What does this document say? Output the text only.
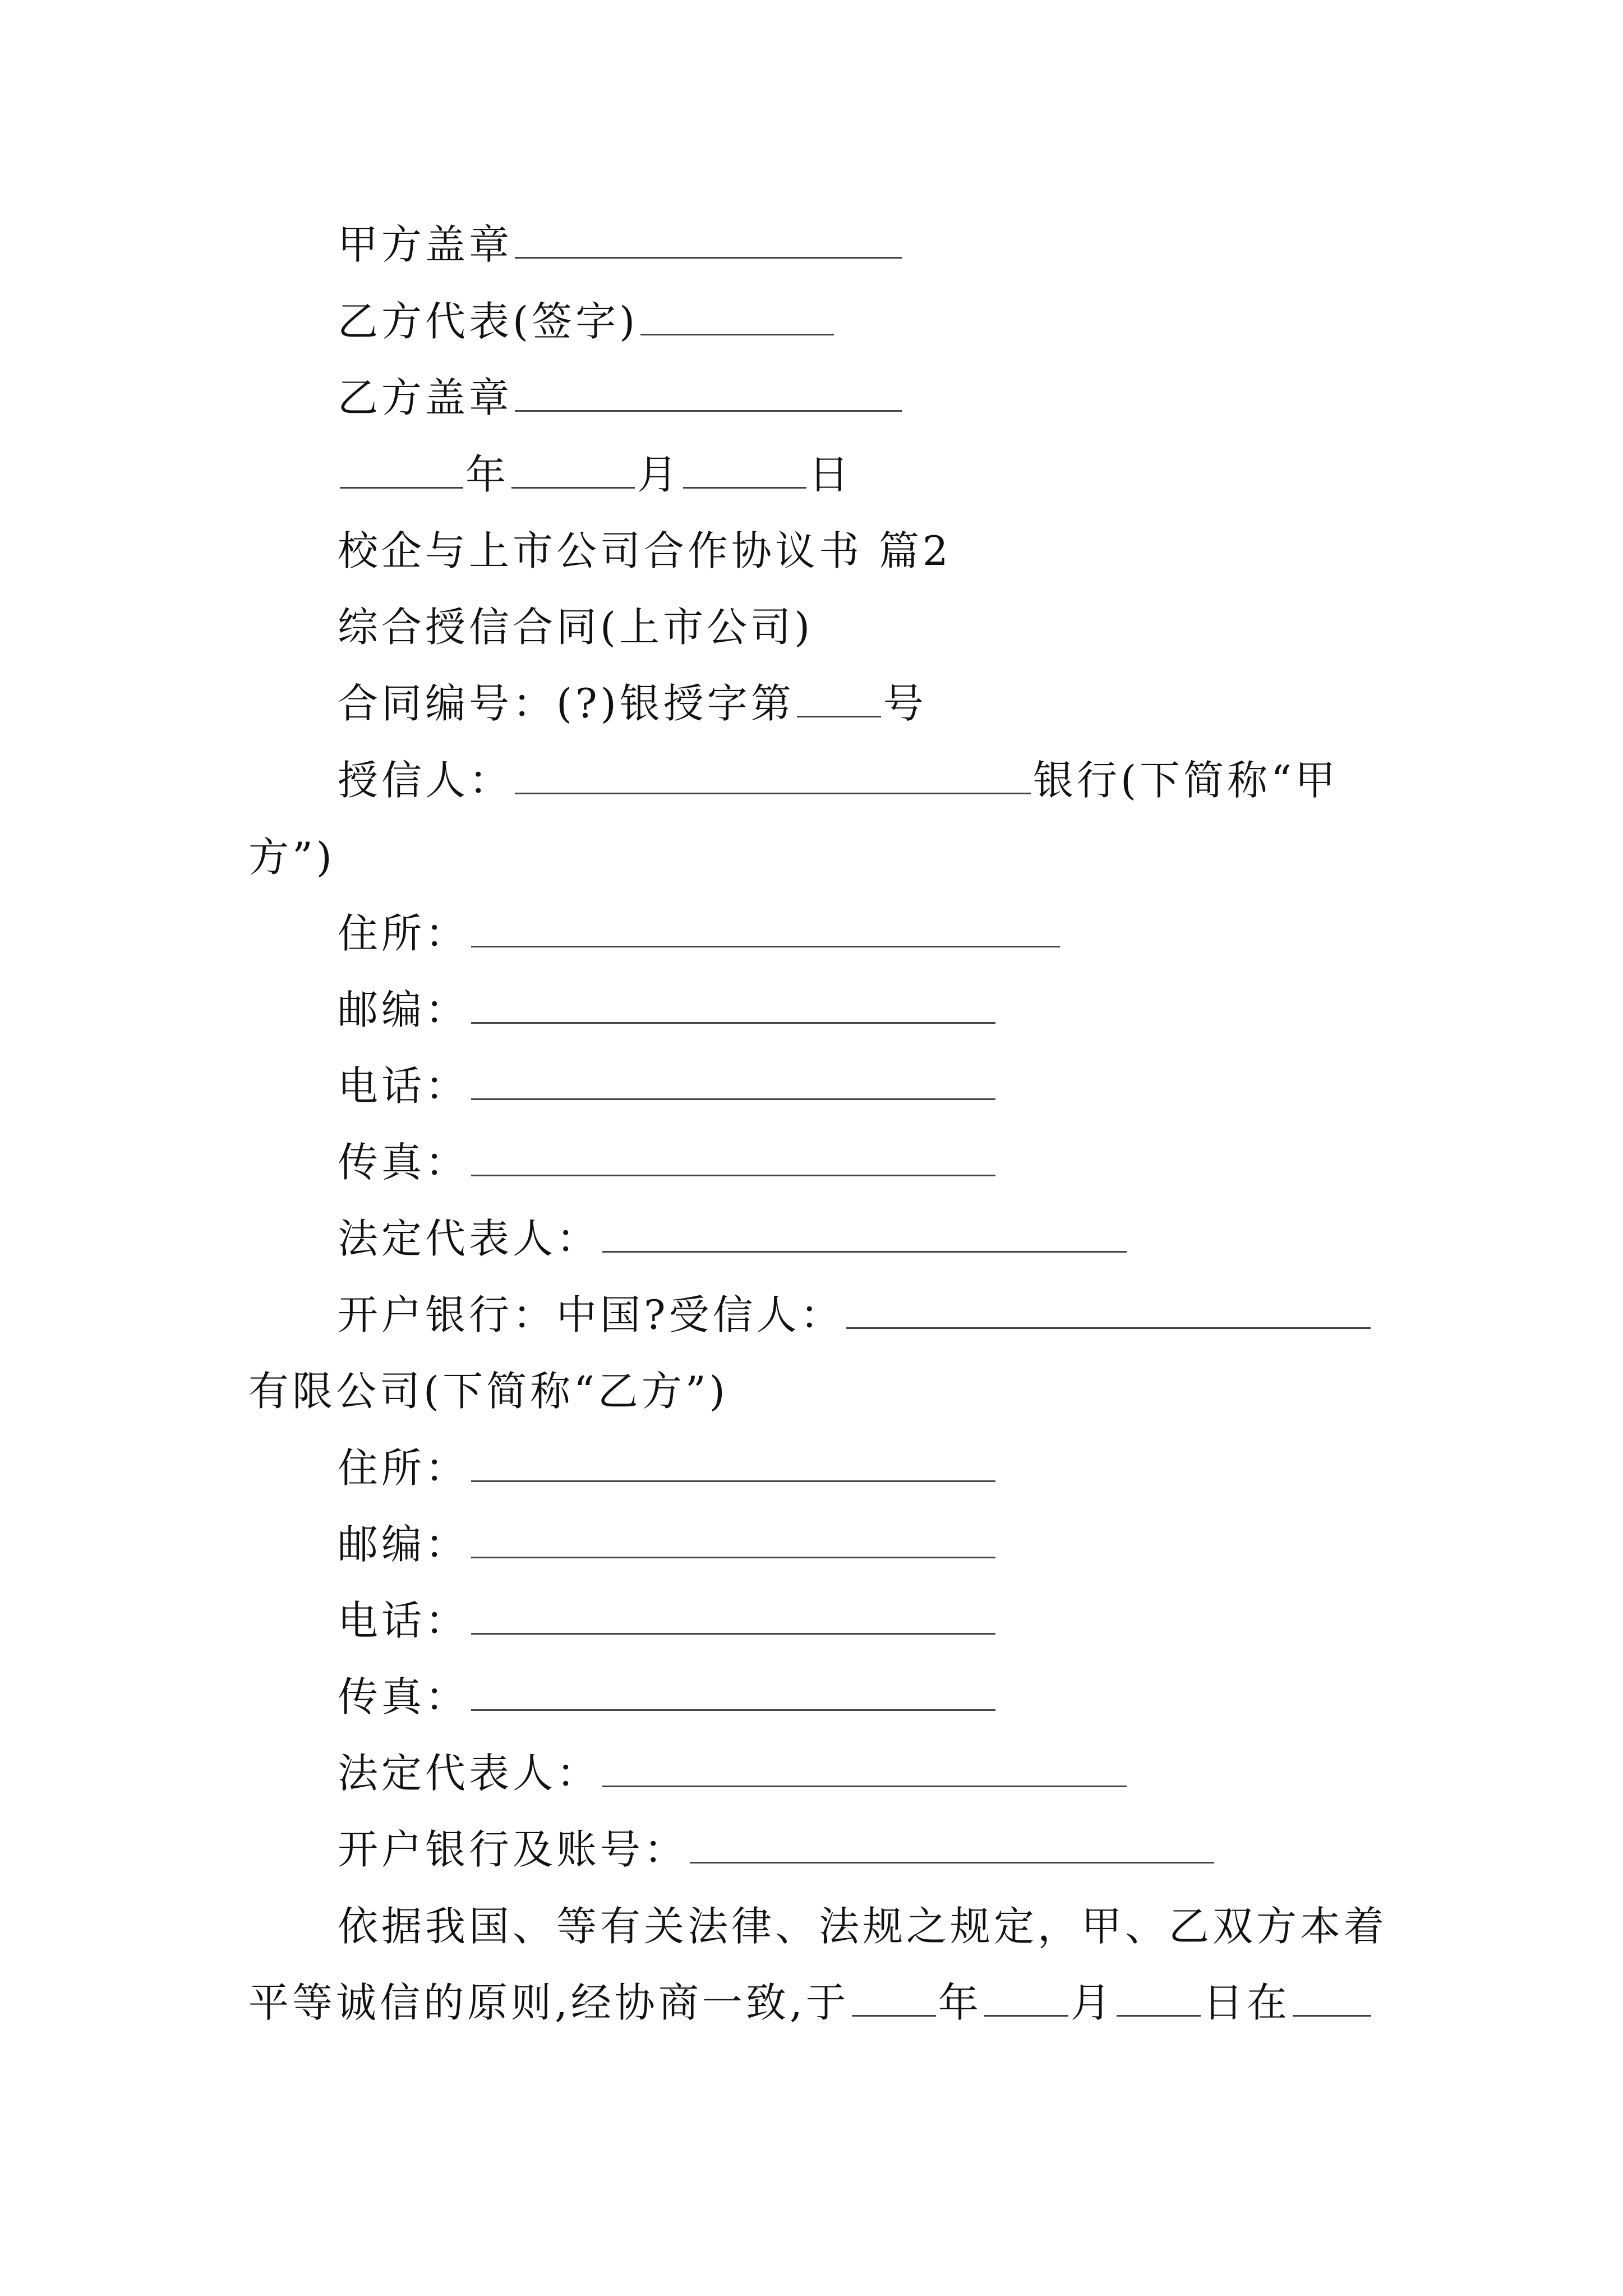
甲方盖章
乙方代表(签字)
乙方盖章
年	月	日
校企与上市公司合作协议书 篇2
综合授信合同(上市公司)
合同编号：(?)银授字第 号
授信人：	银行(下简称“甲
方”)
住所：
邮编：
电话：
传真：
法定代表人：
开户银行：中国?受信人：
有限公司(下简称“乙方”)
住所：
邮编：
电话：
传真：
法定代表人：
开户银行及账号：
依据我国、等有关法律、法规之规定，甲、乙双方本着
平等诚信的原则,经协商一致,于 年 月 日在
